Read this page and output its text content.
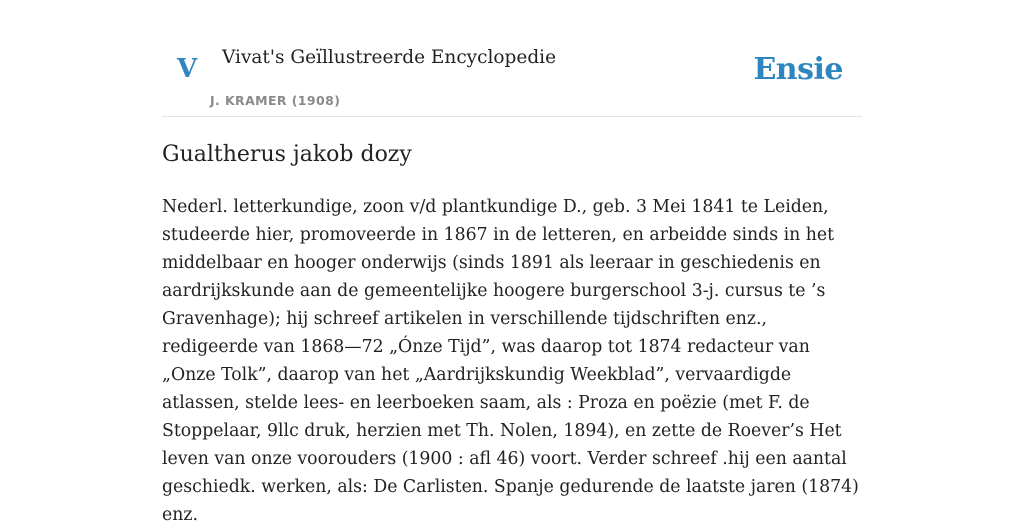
V Vivat's Geïllustreerde Encyclopedie
J. KRAMER (1908)
Ensie
Gualtherus jakob dozy

Nederl. letterkundige, zoon v/d plantkundige D., geb. 3 Mei 1841 te Leiden, studeerde hier, promoveerde in 1867 in de letteren, en arbeidde sinds in het middelbaar en hooger onderwijs (sinds 1891 als leeraar in geschiedenis en aardrijkskunde aan de gemeentelijke hoogere burgerschool 3-j. cursus te ’s Gravenhage); hij schreef artikelen in verschillende tijdschriften enz., redigeerde van 1868—72 „Ónze Tijd”, was daarop tot 1874 redacteur van „Onze Tolk”, daarop van het „Aardrijkskundig Weekblad”, vervaardigde atlassen, stelde lees- en leerboeken saam, als : Proza en poëzie (met F. de Stoppelaar, 9llc druk, herzien met Th. Nolen, 1894), en zette de Roever’s Het leven van onze voorouders (1900 : afl 46) voort. Verder schreef .hij een aantal geschiedk. werken, als: De Carlisten. Spanje gedurende de laatste jaren (1874) enz.
